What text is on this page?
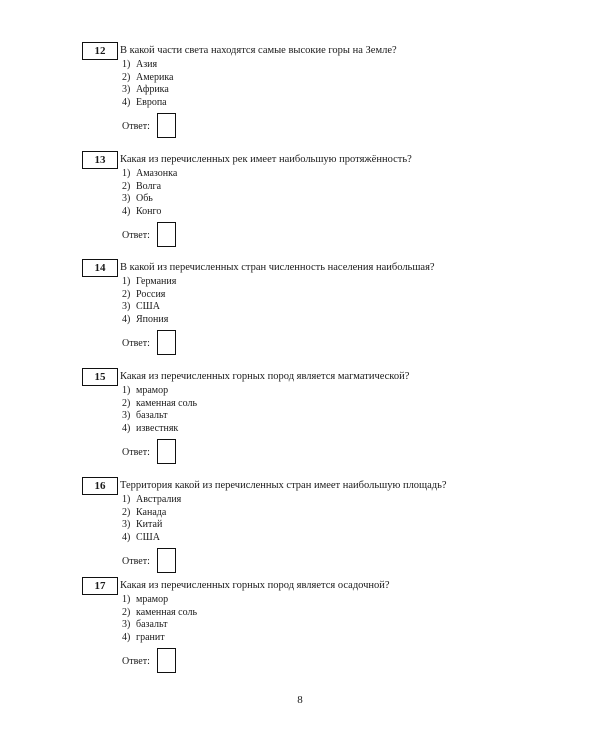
12	В какой части света находятся самые высокие горы на Земле?
1) Азия
2) Америка
3) Африка
4) Европа
Ответ:
13	Какая из перечисленных рек имеет наибольшую протяжённость?
1) Амазонка
2) Волга
3) Обь
4) Конго
Ответ:
14	В какой из перечисленных стран численность населения наибольшая?
1) Германия
2) Россия
3) США
4) Япония
Ответ:
15	Какая из перечисленных горных пород является магматической?
1) мрамор
2) каменная соль
3) базальт
4) известняк
Ответ:
16	Территория какой из перечисленных стран имеет наибольшую площадь?
1) Австралия
2) Канада
3) Китай
4) США
Ответ:
17	Какая из перечисленных горных пород является осадочной?
1) мрамор
2) каменная соль
3) базальт
4) гранит
Ответ:
8
